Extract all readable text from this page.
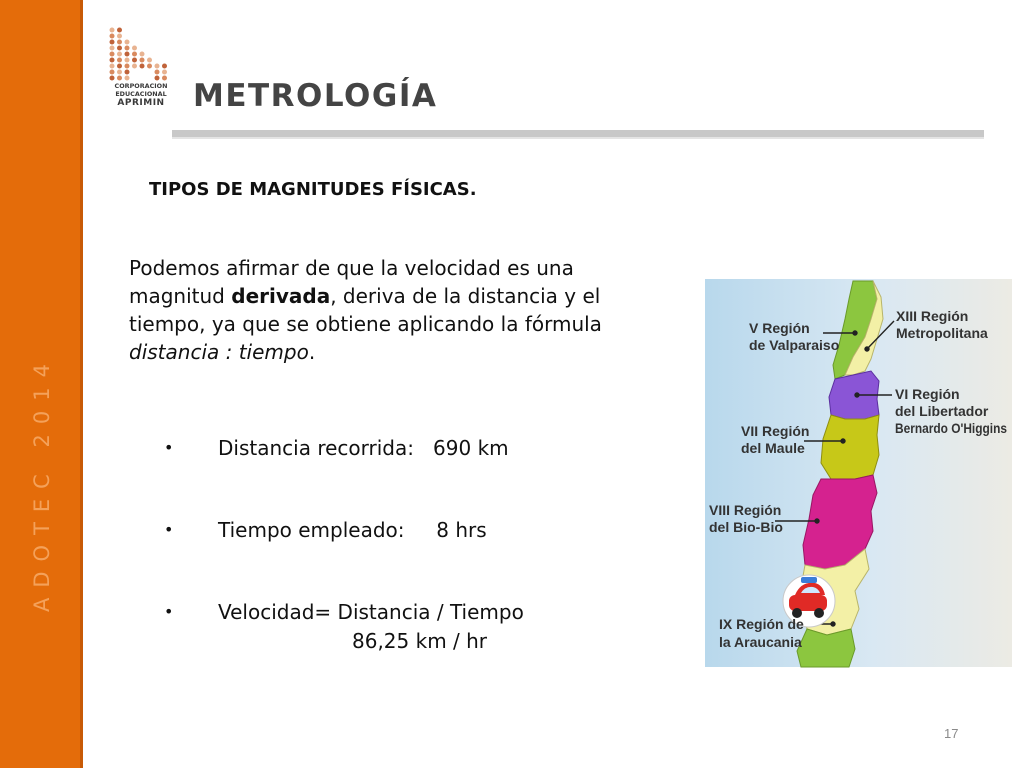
CORPORACION
EDUCACIONAL
APRIMIN METROLOGÍA
TIPOS DE MAGNITUDES FÍSICAS.
Podemos afirmar de que la velocidad es una magnitud derivada, deriva de la distancia y el tiempo, ya que se obtiene aplicando la fórmula distancia : tiempo.
• Distancia recorrida:   690 km
• Tiempo empleado:     8 hrs
• Velocidad= Distancia / Tiempo
86,25 km / hr
V Región
de Valparaiso
XIII Región
Metropolitana
VI Región
del Libertador
Bernardo O'Higgins
VII Región
del Maule
VIII Región
del Bio-Bio
IX Región de
la Araucania
17
